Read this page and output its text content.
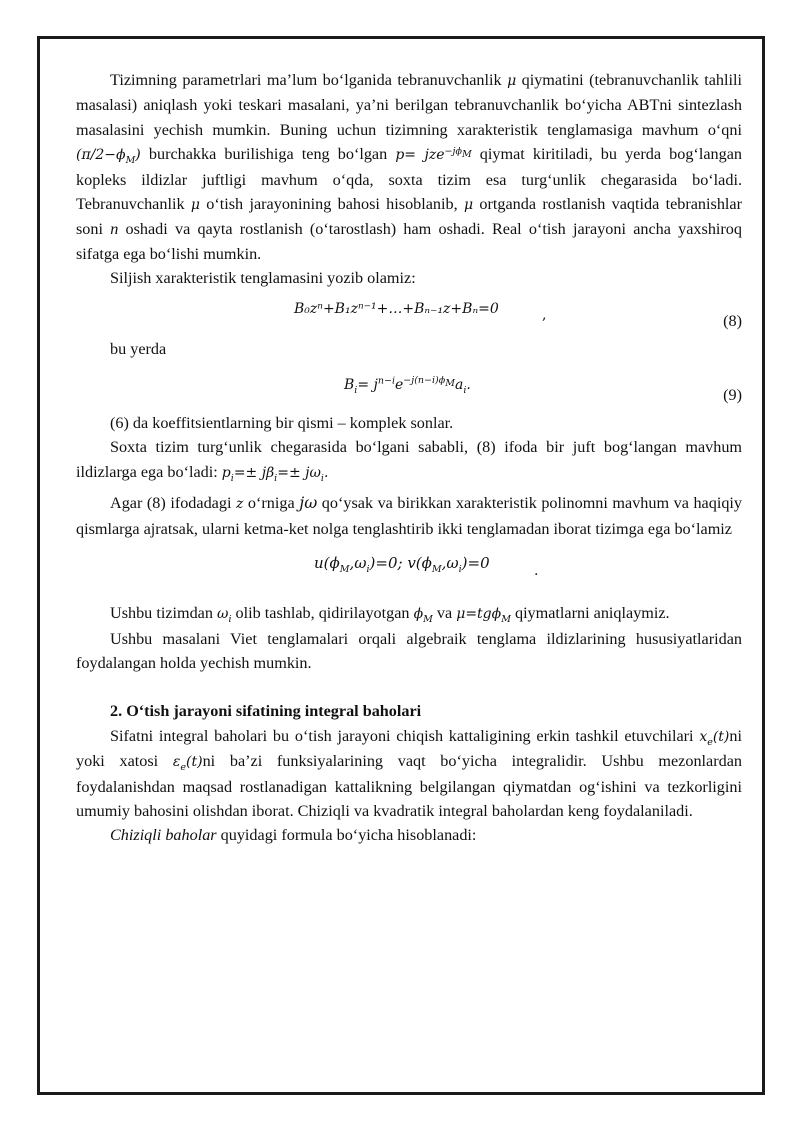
Tizimning parametrlari ma’lum bo‘lganida tebranuvchanlik μ qiymatini (tebranuvchanlik tahlili masalasi) aniqlash yoki teskari masalani, ya’ni berilgan tebranuvchanlik bo‘yicha ABTni sintezlash masalasini yechish mumkin. Buning uchun tizimning xarakteristik tenglamasiga mavhum o‘qni $(\pi/2-\phi_M)$ burchakka burilishiga teng bo‘lgan p= jze$^{-j\phi_M}$ qiymat kiritiladi, bu yerda bog‘langan kopleks ildizlar juftligi mavhum o‘qda, soxta tizim esa turg‘unlik chegarasida bo‘ladi. Tebranuvchanlik μ o‘tish jarayonining bahosi hisoblanib, μ ortganda rostlanish vaqtida tebranishlar soni n oshadi va qayta rostlanish (o‘tarostlash) ham oshadi. Real o‘tish jarayoni ancha yaxshiroq sifatga ega bo‘lishi mumkin.

Siljish xarakteristik tenglamasini yozib olamiz:

B₀zⁿ+B₁zⁿ⁻¹+…+Bₙ₋₁z+Bₙ=0	,	(8)

bu yerda

$B_i= j^{n-i}e^{-j(n-i)\phi_M}a_i$.
(9)

(6) da koeffitsientlarning bir qismi – komplek sonlar.

Soxta tizim turg‘unlik chegarasida bo‘lgani sababli, (8) ifoda bir juft bog‘langan mavhum ildizlarga ega bo‘ladi: $p_i=\pm j\beta_i=\pm j\omega_i$.

Agar (8) ifodadagi z o‘rniga jω qo‘ysak va birikkan xarakteristik polinomni mavhum va haqiqiy qismlarga ajratsak, ularni ketma-ket nolga tenglashtirib ikki tenglamadan iborat tizimga ega bo‘lamiz

$u(\phi_M,\omega_i)=0$; $v(\phi_M,\omega_i)=0$	.

Ushbu tizimdan $\omega_i$ olib tashlab, qidirilayotgan $\phi_M$ va μ=tgϕ$_M$ qiymatlarni aniqlaymiz.

Ushbu masalani Viet tenglamalari orqali algebraik tenglama ildizlarining hususiyatlaridan foydalangan holda yechish mumkin.

2. O‘tish jarayoni sifatining integral baholari

Sifatni integral baholari bu o‘tish jarayoni chiqish kattaligining erkin tashkil etuvchilari $x_e(t)ni$ yoki xatosi $\varepsilon_e(t)ni$ ba’zi funksiyalarining vaqt bo‘yicha integralidir. Ushbu mezonlardan foydalanishdan maqsad rostlanadigan kattalikning belgilangan qiymatdan og‘ishini va tezkorligini umumiy bahosini olishdan iborat. Chiziqli va kvadratik integral baholardan keng foydalaniladi.

Chiziqli baholar quyidagi formula bo‘yicha hisoblanadi:
